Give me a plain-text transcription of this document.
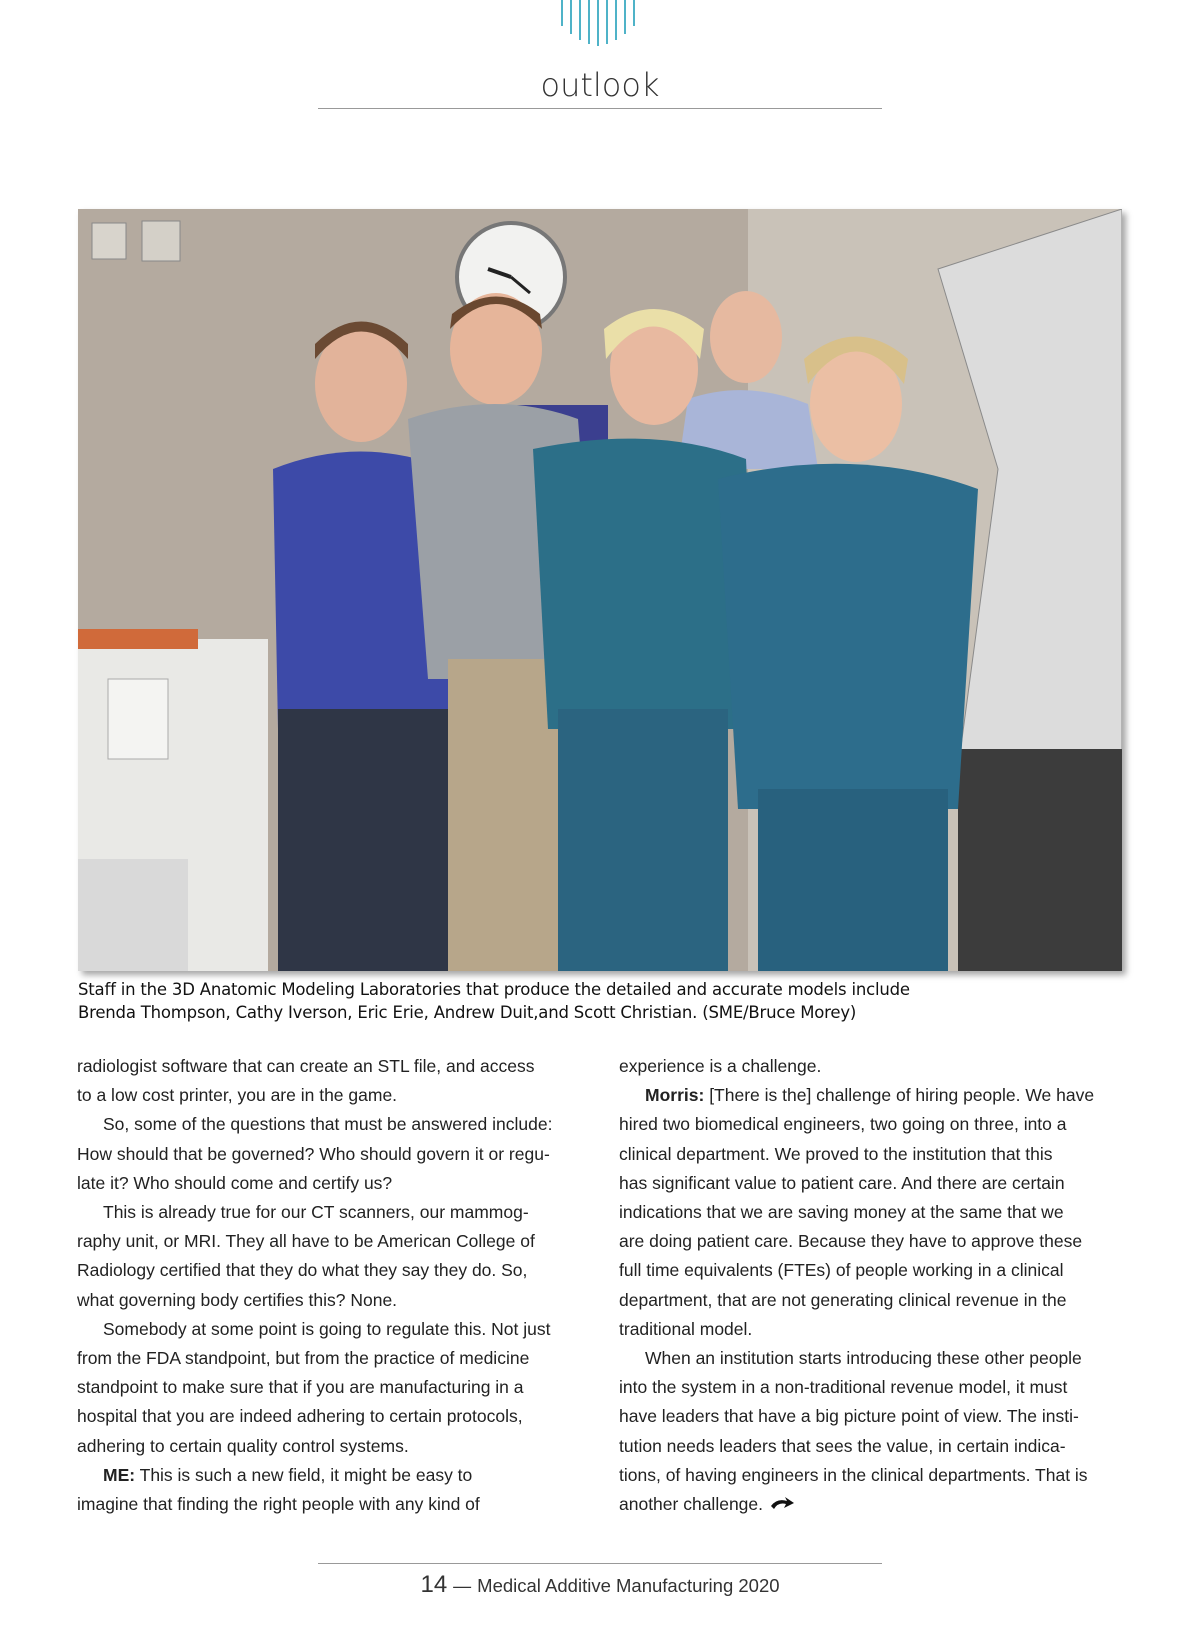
outlook
Staff in the 3D Anatomic Modeling Laboratories that produce the detailed and accurate models include
Brenda Thompson, Cathy Iverson, Eric Erie, Andrew Duit,and Scott Christian. (SME/Bruce Morey)
radiologist software that can create an STL file, and access
to a low cost printer, you are in the game.
So, some of the questions that must be answered include:
How should that be governed? Who should govern it or regu-
late it? Who should come and certify us?
This is already true for our CT scanners, our mammog-
raphy unit, or MRI. They all have to be American College of
Radiology certified that they do what they say they do. So,
what governing body certifies this? None.
Somebody at some point is going to regulate this. Not just
from the FDA standpoint, but from the practice of medicine
standpoint to make sure that if you are manufacturing in a
hospital that you are indeed adhering to certain protocols,
adhering to certain quality control systems.
ME: This is such a new field, it might be easy to
imagine that finding the right people with any kind of
experience is a challenge.
Morris: [There is the] challenge of hiring people. We have
hired two biomedical engineers, two going on three, into a
clinical department. We proved to the institution that this
has significant value to patient care. And there are certain
indications that we are saving money at the same that we
are doing patient care. Because they have to approve these
full time equivalents (FTEs) of people working in a clinical
department, that are not generating clinical revenue in the
traditional model.
When an institution starts introducing these other people
into the system in a non-traditional revenue model, it must
have leaders that have a big picture point of view. The insti-
tution needs leaders that sees the value, in certain indica-
tions, of having engineers in the clinical departments. That is
another challenge.
14 — Medical Additive Manufacturing 2020
